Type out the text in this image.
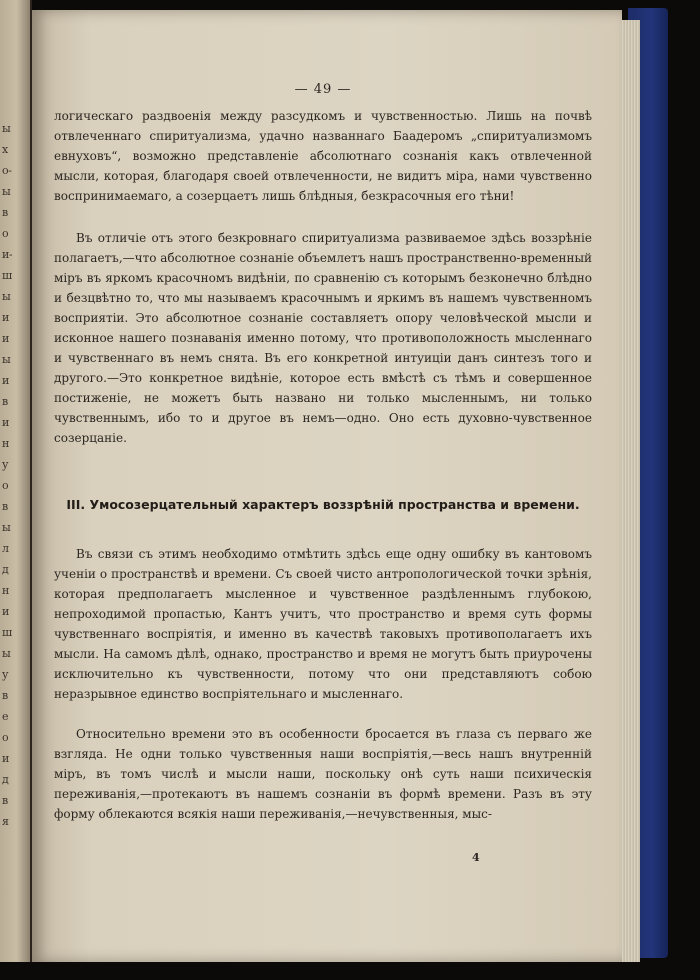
ы
x
о-
ы
в
о
и-
ш
ы
и
и
ы
и
в
и
н
у
о
в
ы
л
д
н
и
ш
ы
у
в
е
о
и
д
в
я
— 49 —

логическаго раздвоенія между разсудкомъ и чувственностью. Лишь на почвѣ отвлеченнаго спиритуализма, удачно названнаго Баадеромъ „спиритуализмомъ евнуховъ“, возможно представленіе абсолютнаго сознанія какъ отвлеченной мысли, которая, благодаря своей отвлеченности, не видитъ міра, нами чувственно воспринимаемаго, а созерцаетъ лишь блѣдныя, безкрасочныя его тѣни!

Въ отличіе отъ этого безкровнаго спиритуализма развиваемое здѣсь воззрѣніе полагаетъ,—что абсолютное сознаніе объемлетъ нашъ пространственно-временный міръ въ яркомъ красочномъ видѣніи, по сравненію съ которымъ безконечно блѣдно и безцвѣтно то, что мы называемъ красочнымъ и яркимъ въ нашемъ чувственномъ восприятіи. Это абсолютное сознаніе составляетъ опору человѣческой мысли и исконное нашего познаванія именно потому, что противоположность мысленнаго и чувственнаго въ немъ снята. Въ его конкретной интуиціи данъ синтезъ того и другого.—Это конкретное видѣніе, которое есть вмѣстѣ съ тѣмъ и совершенное постиженіе, не можетъ быть названо ни только мысленнымъ, ни только чувственнымъ, ибо то и другое въ немъ—одно. Оно есть духовно-чувственное созерцаніе.

III. Умосозерцательный характеръ воззрѣній пространства и времени.

Въ связи съ этимъ необходимо отмѣтить здѣсь еще одну ошибку въ кантовомъ ученіи о пространствѣ и времени. Съ своей чисто антропологической точки зрѣнія, которая предполагаетъ мысленное и чувственное раздѣленнымъ глубокою, непроходимой пропастью, Кантъ учитъ, что пространство и время суть формы чувственнаго воспріятія, и именно въ качествѣ таковыхъ противополагаетъ ихъ мысли. На самомъ дѣлѣ, однако, пространство и время не могутъ быть приурочены исключительно къ чувственности, потому что они представляютъ собою неразрывное единство воспріятельнаго и мысленнаго.

Относительно времени это въ особенности бросается въ глаза съ перваго же взгляда. Не одни только чувственныя наши воспріятія,—весь нашъ внутренній міръ, въ томъ числѣ и мысли наши, поскольку онѣ суть наши психическія переживанія,—протекаютъ въ нашемъ сознаніи въ формѣ времени. Разъ въ эту форму облекаются всякія наши переживанія,—нечувственныя, мыс-

4
